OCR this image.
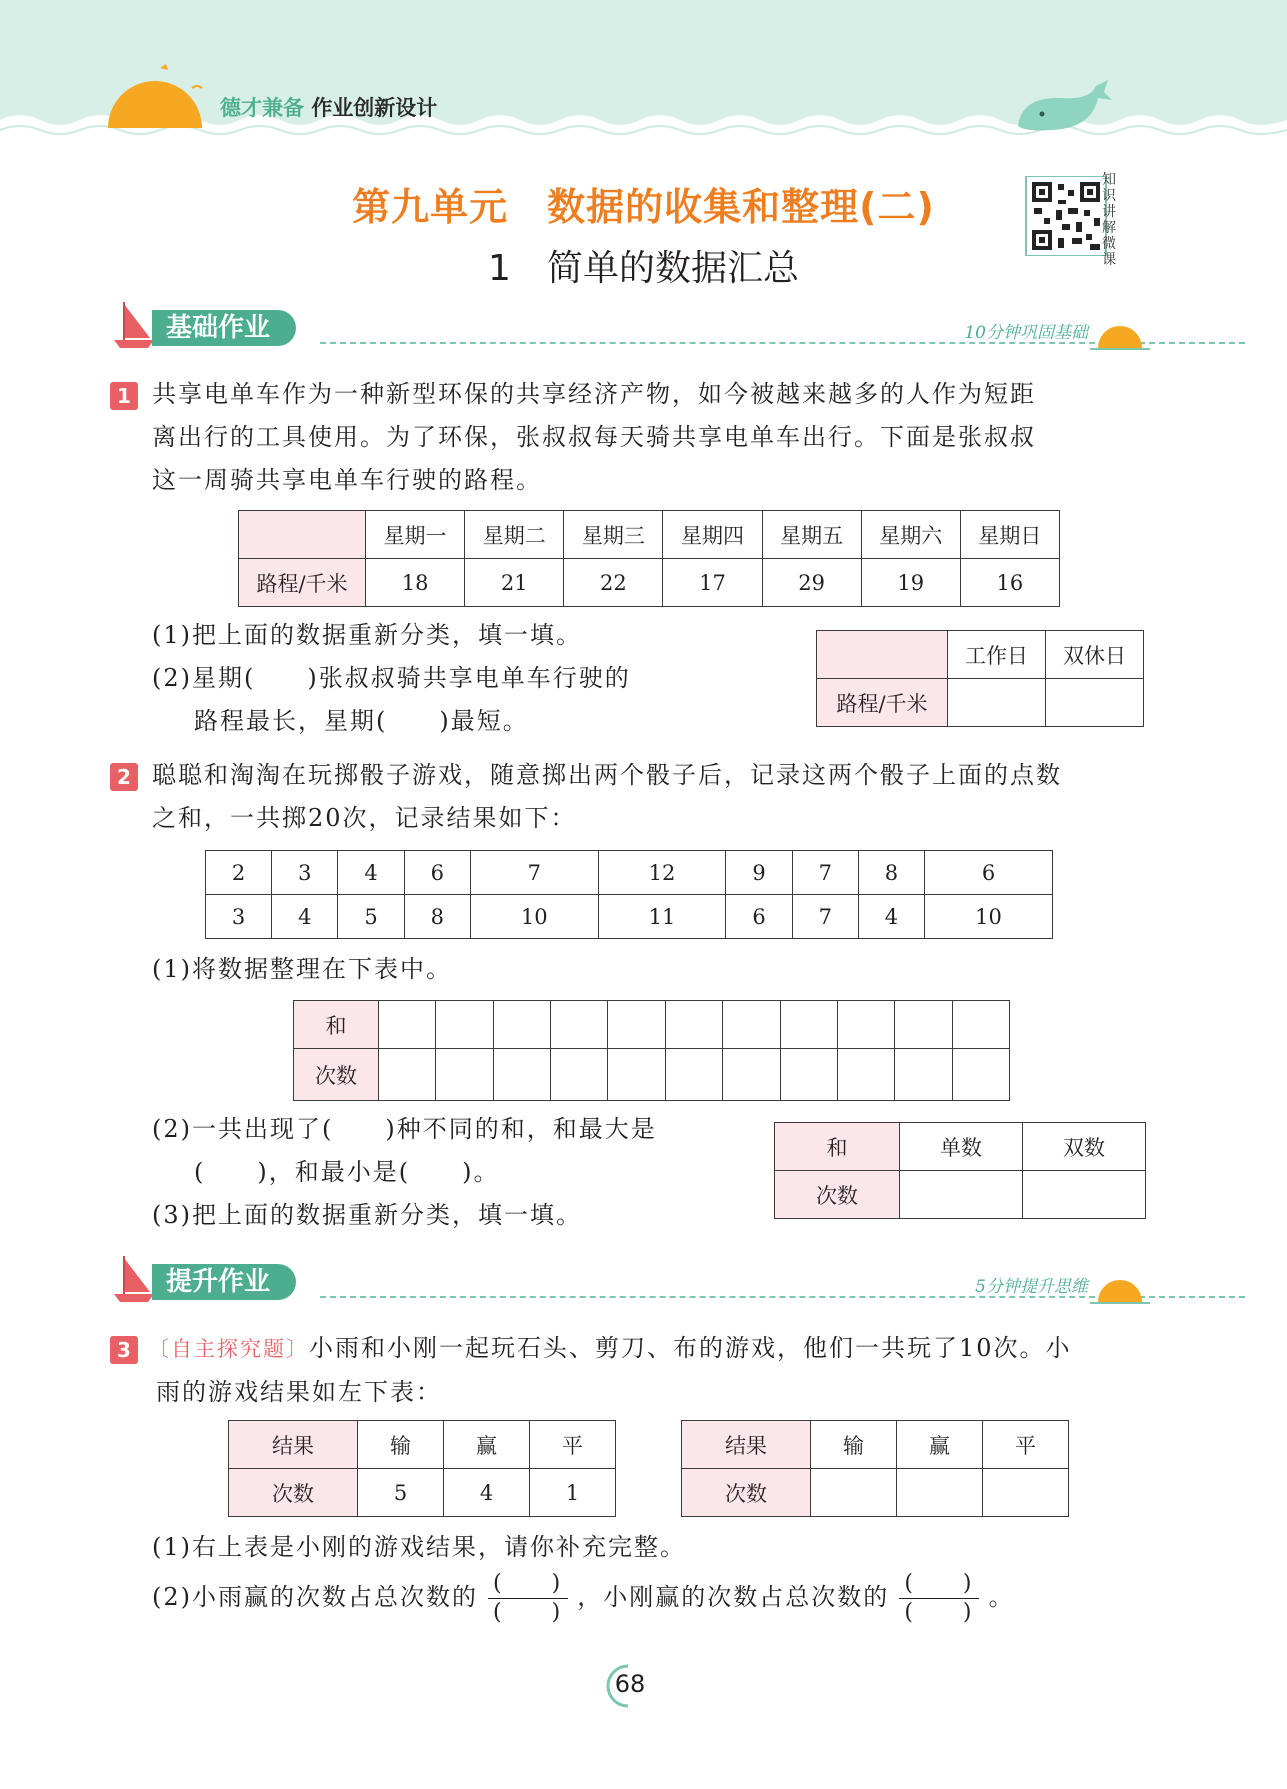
德才兼备 作业创新设计
第九单元　数据的收集和整理(二)
1　简单的数据汇总
知识讲解微课
基础作业	10分钟巩固基础
1 共享电单车作为一种新型环保的共享经济产物，如今被越来越多的人作为短距
离出行的工具使用。为了环保，张叔叔每天骑共享电单车出行。下面是张叔叔
这一周骑共享电单车行驶的路程。
	星期一	星期二	星期三	星期四	星期五	星期六	星期日
路程/千米	18	21	22	17	29	19	16
(1)把上面的数据重新分类，填一填。
(2)星期(　　)张叔叔骑共享电单车行驶的
路程最长，星期(　　)最短。
	工作日	双休日
路程/千米		
2 聪聪和淘淘在玩掷骰子游戏，随意掷出两个骰子后，记录这两个骰子上面的点数
之和，一共掷20次，记录结果如下：
2	3	4	6	7	12	9	7	8	6
3	4	5	8	10	11	6	7	4	10
(1)将数据整理在下表中。
和											
次数											
(2)一共出现了(　　)种不同的和，和最大是
(　　)，和最小是(　　)。
(3)把上面的数据重新分类，填一填。
和	单数	双数
次数		
提升作业	5分钟提升思维
3 〔自主探究题〕小雨和小刚一起玩石头、剪刀、布的游戏，他们一共玩了10次。小
雨的游戏结果如左下表：
结果	输	赢	平
次数	5	4	1
结果	输	赢	平
次数			
(1)右上表是小刚的游戏结果，请你补充完整。
(2)小雨赢的次数占总次数的 $\frac{( )}{( )}$ ，小刚赢的次数占总次数的 $\frac{( )}{( )}$ 。
68
